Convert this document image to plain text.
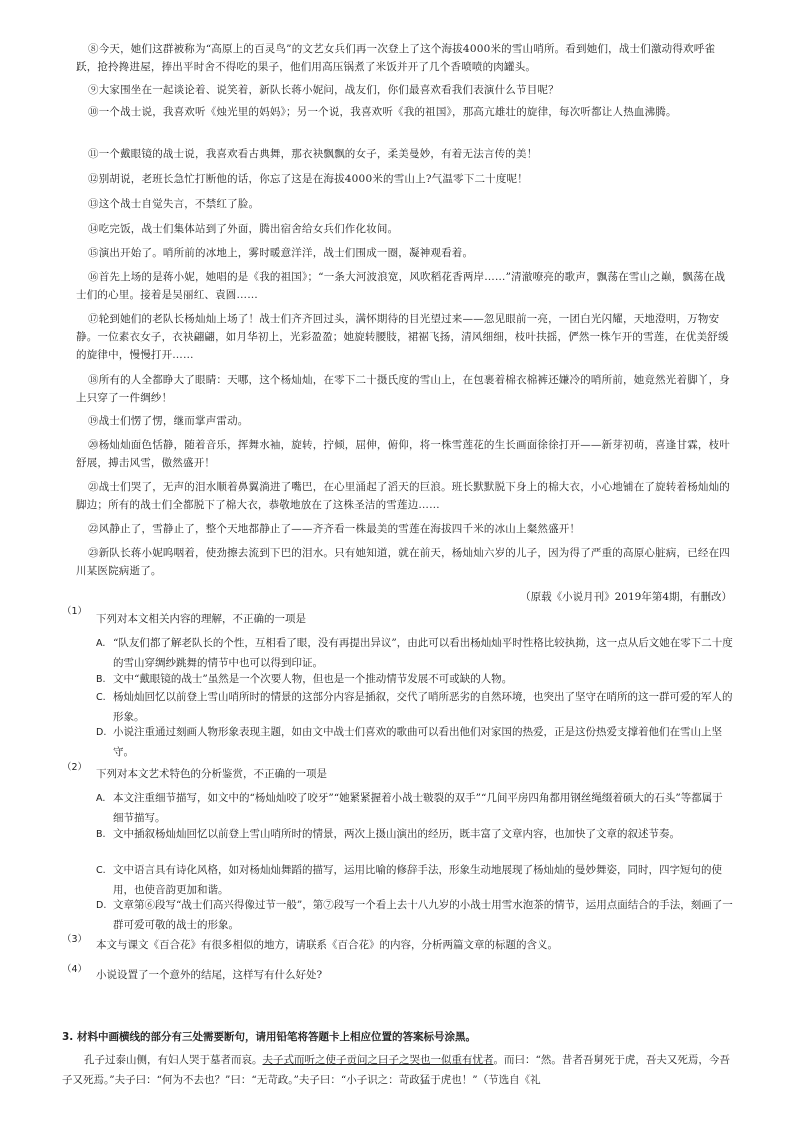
⑧今天，她们这群被称为“高原上的百灵鸟”的文艺女兵们再一次登上了这个海拔4000米的雪山哨所。看到她们，战士们激动得欢呼雀跃，抢拎搀进屋，捧出平时舍不得吃的果子，他们用高压锅煮了米饭并开了几个香喷喷的肉罐头。

⑨大家围坐在一起谈论着、说笑着，新队长蒋小妮问，战友们，你们最喜欢看我们表演什么节目呢？

⑩一个战士说，我喜欢听《烛光里的妈妈》；另一个说，我喜欢听《我的祖国》，那高亢雄壮的旋律，每次听都让人热血沸腾。

⑪一个戴眼镜的战士说，我喜欢看古典舞，那衣袂飘飘的女子，柔美曼妙，有着无法言传的美！

⑫别胡说，老班长急忙打断他的话，你忘了这是在海拔4000米的雪山上?气温零下二十度呢！

⑬这个战士自觉失言，不禁红了脸。

⑭吃完饭，战士们集体站到了外面，腾出宿舍给女兵们作化妆间。

⑮演出开始了。哨所前的冰地上，雾时暖意洋洋，战士们围成一圈，凝神观看着。

⑯首先上场的是蒋小妮，她唱的是《我的祖国》；“一条大河波浪宽，风吹稻花香两岸……”清澈嘹亮的歌声，飘荡在雪山之巅，飘荡在战士们的心里。接着是吴丽红、袁圆……

⑰轮到她们的老队长杨灿灿上场了！战士们齐齐回过头，满怀期待的目光望过来——忽见眼前一亮，一团白光闪耀，天地澄明，万物安静。一位素衣女子，衣袂翩翩，如月华初上，光彩盈盈；她旋转腰肢，裙裾飞扬，清风细细，枝叶扶摇，俨然一株乍开的雪莲，在优美舒缓的旋律中，慢慢打开……

⑱所有的人全都睁大了眼睛：天哪，这个杨灿灿，在零下二十摄氏度的雪山上，在包裹着棉衣棉裤还嫌冷的哨所前，她竟然光着脚丫，身上只穿了一件绸纱！

⑲战士们愣了愣，继而掌声雷动。

⑳杨灿灿面色恬静，随着音乐，挥舞水袖，旋转，拧倾，屈伸，俯仰，将一株雪莲花的生长画面徐徐打开——新芽初萌，喜逢甘霖，枝叶舒展，搏击风雪，傲然盛开！

㉑战士们哭了，无声的泪水顺着鼻翼淌进了嘴巴，在心里涌起了滔天的巨浪。班长默默脱下身上的棉大衣，小心地铺在了旋转着杨灿灿的脚边；所有的战士们全都脱下了棉大衣，恭敬地放在了这株圣洁的雪莲边……

㉒风静止了，雪静止了，整个天地都静止了——齐齐看一株最美的雪莲在海拔四千米的冰山上粲然盛开！

㉓新队长蒋小妮呜咽着，使劲擦去流到下巴的泪水。只有她知道，就在前天，杨灿灿六岁的儿子，因为得了严重的高原心脏病，已经在四川某医院病逝了。

（原载《小说月刊》2019年第4期，有删改）
（1）
下列对本文相关内容的理解，不正确的一项是
A. “队友们都了解老队长的个性，互相看了眼，没有再提出异议”，由此可以看出杨灿灿平时性格比较执拗，这一点从后文她在零下二十度的雪山穿绸纱跳舞的情节中也可以得到印证。
B. 文中“戴眼镜的战士”虽然是一个次要人物，但也是一个推动情节发展不可或缺的人物。
C. 杨灿灿回忆以前登上雪山哨所时的情景的这部分内容是插叙，交代了哨所恶劣的自然环境，也突出了坚守在哨所的这一群可爱的军人的形象。
D. 小说注重通过刻画人物形象表现主题，如由文中战士们喜欢的歌曲可以看出他们对家国的热爱，正是这份热爱支撑着他们在雪山上坚守。
（2）
下列对本文艺术特色的分析鉴赏，不正确的一项是
A. 本文注重细节描写，如文中的“杨灿灿咬了咬牙”“她紧紧握着小战士皲裂的双手”“几间平房四角都用钢丝绳缀着硕大的石头”等都属于细节描写。
B. 文中插叙杨灿灿回忆以前登上雪山哨所时的情景，两次上摄山演出的经历，既丰富了文章内容，也加快了文章的叙述节奏。
C. 文中语言具有诗化风格，如对杨灿灿舞蹈的描写，运用比喻的修辞手法，形象生动地展现了杨灿灿的曼妙舞姿，同时，四字短句的使用，也使音韵更加和谐。
D. 文章第⑥段写“战士们高兴得像过节一般”，第⑦段写一个看上去十八九岁的小战士用雪水泡茶的情节，运用点面结合的手法，刻画了一群可爱可敬的战士的形象。
（3） 本文与课文《百合花》有很多相似的地方，请联系《百合花》的内容，分析两篇文章的标题的含义。
（4） 小说设置了一个意外的结尾，这样写有什么好处?
3. 材料中画横线的部分有三处需要断句，请用铅笔将答题卡上相应位置的答案标号涂黑。

孔子过泰山侧，有妇人哭于墓者而哀。夫子式而听之使子贡问之曰子之哭也一似重有忧者。而曰：“然。昔者吾舅死于虎，吾夫又死焉，今吾子又死焉。”夫子曰：“何为不去也？”曰：“无苛政。”夫子曰：“小子识之：苛政猛于虎也！”（节选自《礼
